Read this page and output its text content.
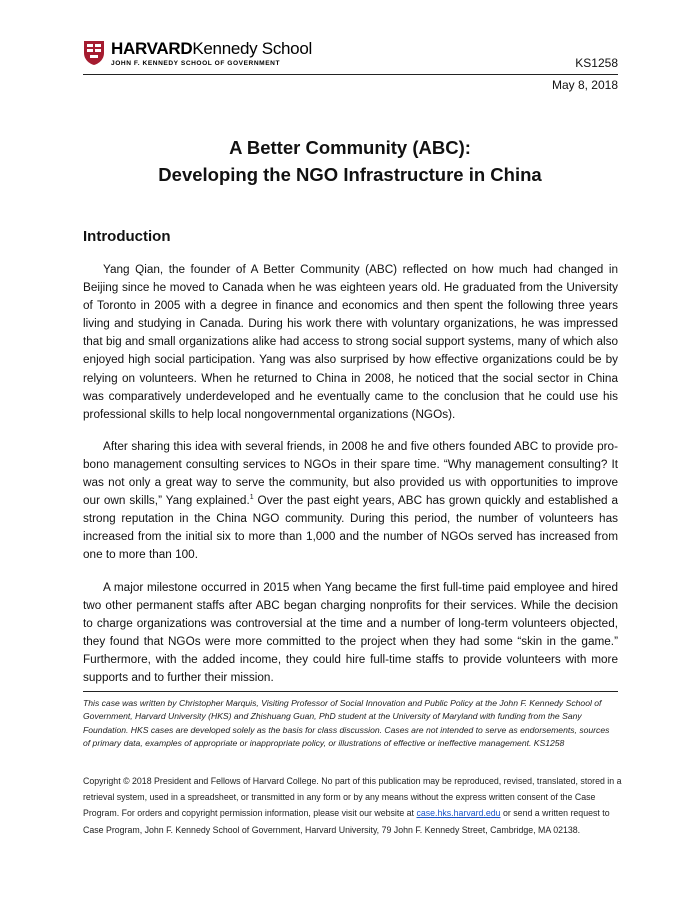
HARVARDKennedy School
JOHN F. KENNEDY SCHOOL OF GOVERNMENT	KS1258
May 8, 2018
A Better Community (ABC):
Developing the NGO Infrastructure in China
Introduction

Yang Qian, the founder of A Better Community (ABC) reflected on how much had changed in Beijing since he moved to Canada when he was eighteen years old. He graduated from the University of Toronto in 2005 with a degree in finance and economics and then spent the following three years living and studying in Canada. During his work there with voluntary organizations, he was impressed that big and small organizations alike had access to strong social support systems, many of which also enjoyed high social participation. Yang was also surprised by how effective organizations could be by relying on volunteers. When he returned to China in 2008, he noticed that the social sector in China was comparatively underdeveloped and he eventually came to the conclusion that he could use his professional skills to help local nongovernmental organizations (NGOs).

After sharing this idea with several friends, in 2008 he and five others founded ABC to provide pro-bono management consulting services to NGOs in their spare time. “Why management consulting? It was not only a great way to serve the community, but also provided us with opportunities to improve our own skills,” Yang explained.$^1$ Over the past eight years, ABC has grown quickly and established a strong reputation in the China NGO community. During this period, the number of volunteers has increased from the initial six to more than 1,000 and the number of NGOs served has increased from one to more than 100.

A major milestone occurred in 2015 when Yang became the first full-time paid employee and hired two other permanent staffs after ABC began charging nonprofits for their services. While the decision to charge organizations was controversial at the time and a number of long-term volunteers objected, they found that NGOs were more committed to the project when they had some “skin in the game.” Furthermore, with the added income, they could hire full-time staffs to provide volunteers with more supports and to further their mission.

This case was written by Christopher Marquis, Visiting Professor of Social Innovation and Public Policy at the John F. Kennedy School of Government, Harvard University (HKS) and Zhishuang Guan, PhD student at the University of Maryland with funding from the Sany Foundation. HKS cases are developed solely as the basis for class discussion. Cases are not intended to serve as endorsements, sources of primary data, examples of appropriate or inappropriate policy, or illustrations of effective or ineffective management. KS1258
Copyright © 2018 President and Fellows of Harvard College. No part of this publication may be reproduced, revised, translated, stored in a retrieval system, used in a spreadsheet, or transmitted in any form or by any means without the express written consent of the Case Program. For orders and copyright permission information, please visit our website at case.hks.harvard.edu or send a written request to Case Program, John F. Kennedy School of Government, Harvard University, 79 John F. Kennedy Street, Cambridge, MA 02138.
